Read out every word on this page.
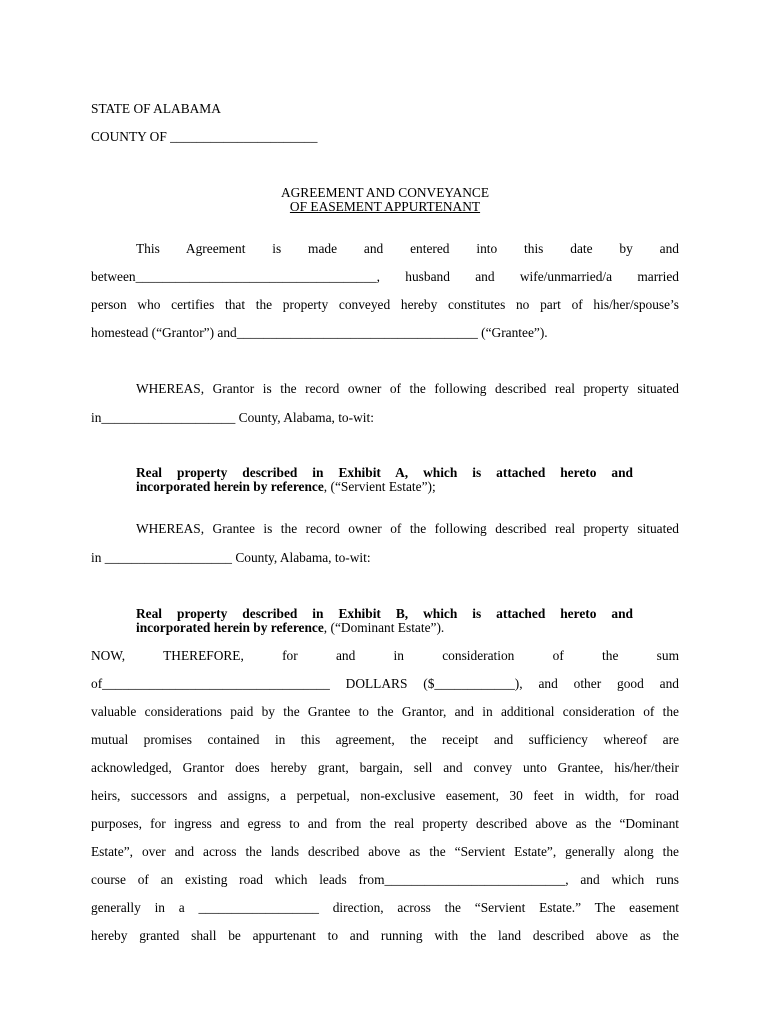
STATE OF ALABAMA
COUNTY OF ______________________
AGREEMENT AND CONVEYANCE
OF EASEMENT APPURTENANT
This Agreement is made and entered into this date by and
between____________________________________, husband and wife/unmarried/a married
person who certifies that the property conveyed hereby constitutes no part of his/her/spouse’s
homestead (“Grantor”) and____________________________________ (“Grantee”).
WHEREAS, Grantor is the record owner of the following described real property situated
in____________________ County, Alabama, to-wit:
Real property described in Exhibit A, which is attached hereto and
incorporated herein by reference, (“Servient Estate”);
WHEREAS, Grantee is the record owner of the following described real property situated
in ___________________ County, Alabama, to-wit:
Real property described in Exhibit B, which is attached hereto and
incorporated herein by reference, (“Dominant Estate”).
NOW, THEREFORE, for and in consideration of the sum
of__________________________________ DOLLARS ($____________), and other good and
valuable considerations paid by the Grantee to the Grantor, and in additional consideration of the
mutual promises contained in this agreement, the receipt and sufficiency whereof are
acknowledged, Grantor does hereby grant, bargain, sell and convey unto Grantee, his/her/their
heirs, successors and assigns, a perpetual, non-exclusive easement, 30 feet in width, for road
purposes, for ingress and egress to and from the real property described above as the “Dominant
Estate”, over and across the lands described above as the “Servient Estate”, generally along the
course of an existing road which leads from___________________________, and which runs
generally in a __________________ direction, across the “Servient Estate.” The easement
hereby granted shall be appurtenant to and running with the land described above as the
